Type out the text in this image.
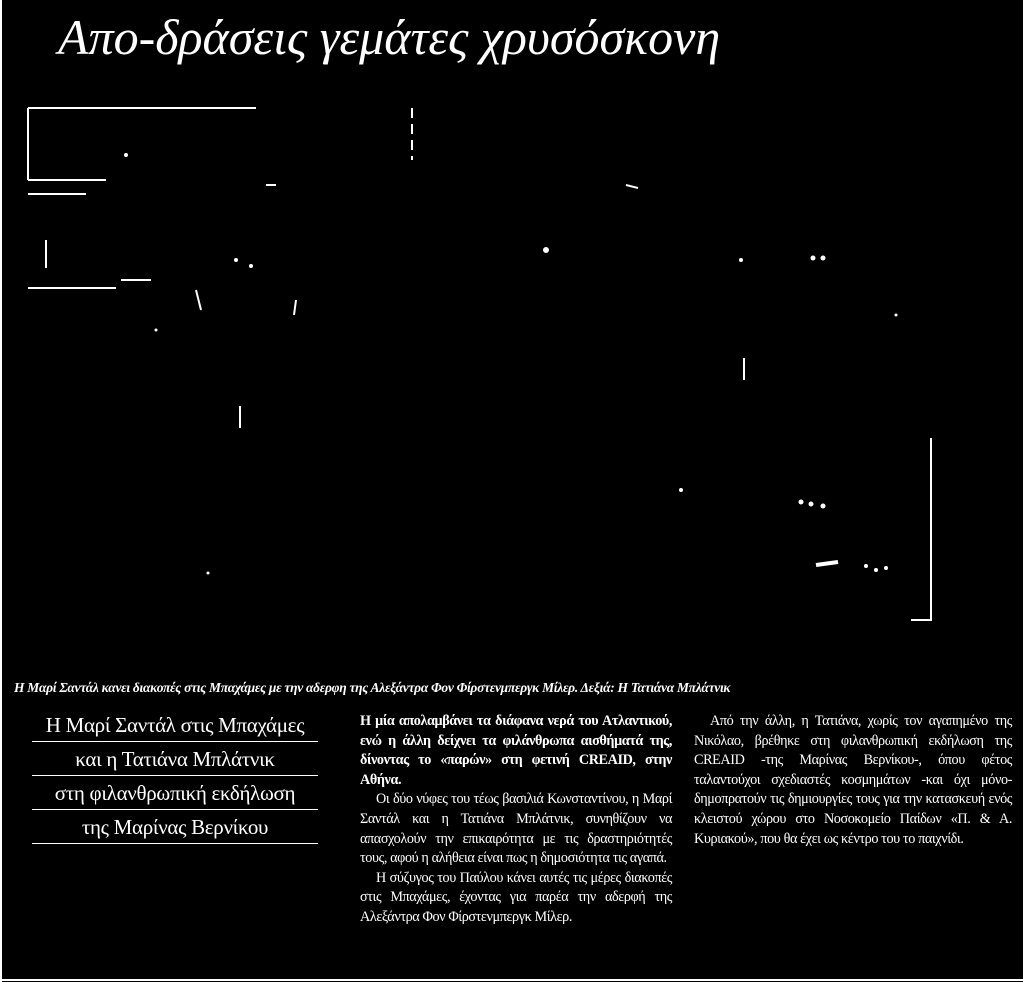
Απο-δράσεις γεμάτες χρυσόσκονη
Η Μαρί Σαντάλ κανει διακοπές στις Μπαχάμες με την αδερφη της Αλεξάντρα Φον Φίρστενμπεργκ Μίλερ. Δεξιά: Η Τατιάνα Μπλάτνικ
Η Μαρί Σαντάλ στις Μπαχάμες
και η Τατιάνα Μπλάτνικ
στη φιλανθρωπική εκδήλωση
της Μαρίνας Βερνίκου

Η μία απολαμβάνει τα διάφανα νερά του Ατλαντικού, ενώ η άλλη δείχνει τα φιλάνθρωπα αισθήματά της, δίνοντας το «παρών» στη φετινή CREAID, στην Αθήνα.

Οι δύο νύφες του τέως βασιλιά Κωνσταντίνου, η Μαρί Σαντάλ και η Τατιάνα Μπλάτνικ, συνηθίζουν να απασχολούν την επικαιρότητα με τις δραστηριότητές τους, αφού η αλήθεια είναι πως η δημοσιότητα τις αγαπά.

Η σύζυγος του Παύλου κάνει αυτές τις μέρες διακοπές στις Μπαχάμες, έχοντας για παρέα την αδερφή της Αλεξάντρα Φον Φίρστενμπεργκ Μίλερ.

Από την άλλη, η Τατιάνα, χωρίς τον αγαπημένο της Νικόλαο, βρέθηκε στη φιλανθρωπική εκδήλωση της CREAID -της Μαρίνας Βερνίκου-, όπου φέτος ταλαντούχοι σχεδιαστές κοσμημάτων -και όχι μόνο- δημοπρατούν τις δημιουργίες τους για την κατασκευή ενός κλειστού χώρου στο Νοσοκομείο Παίδων «Π. & Α. Κυριακού», που θα έχει ως κέντρο του το παιχνίδι.
